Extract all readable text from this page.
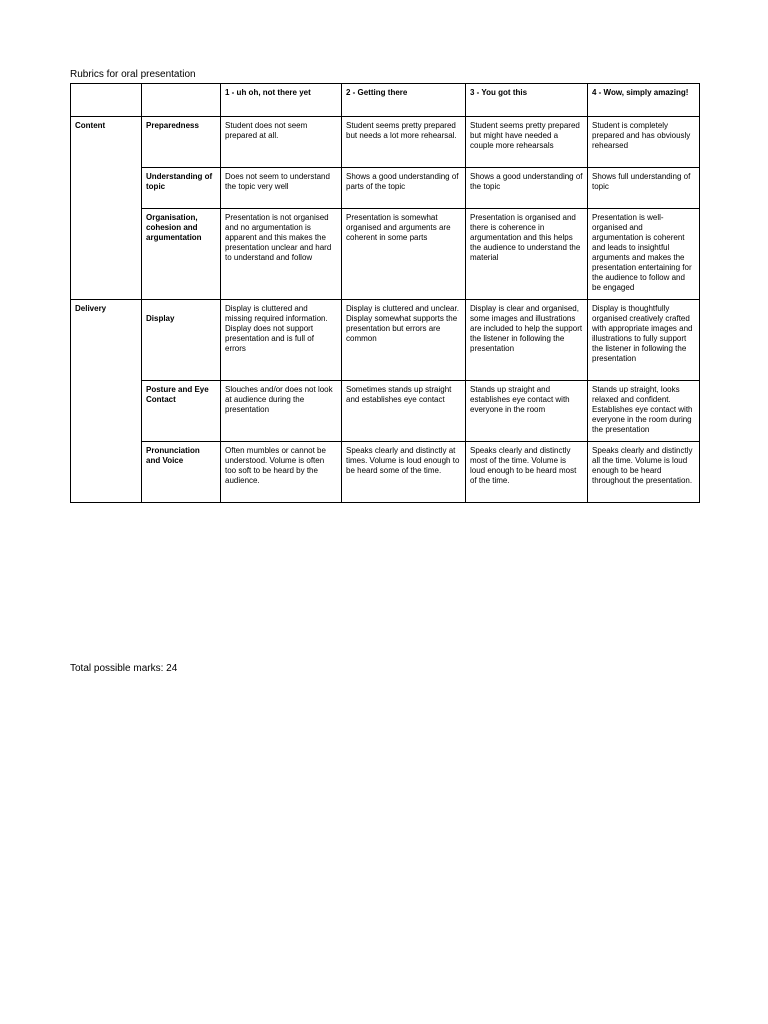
Rubrics for oral presentation
		1 - uh oh, not there yet	2 - Getting there	3 - You got this	4 - Wow, simply amazing!
Content	Preparedness	Student does not seem prepared at all.	Student seems pretty prepared but needs a lot more rehearsal.	Student seems pretty prepared but might have needed a couple more rehearsals	Student is completely prepared and has obviously rehearsed
	Understanding of topic	Does not seem to understand the topic very well	Shows a good understanding of parts of the topic	Shows a good understanding of the topic	Shows full understanding of topic
	Organisation, cohesion and argumentation	Presentation is not organised and no argumentation is apparent and this makes the presentation unclear and hard to understand and follow	Presentation is somewhat organised and arguments are coherent in some parts	Presentation is organised and there is coherence in argumentation and this helps the audience to understand the material	Presentation is well-organised and argumentation is coherent and leads to insightful arguments and makes the presentation entertaining for the audience to follow and be engaged
Delivery	Display	Display is cluttered and missing required information. Display does not support presentation and is full of errors	Display is cluttered and unclear. Display somewhat supports the presentation but errors are common	Display is clear and organised, some images and illustrations are included to help the support the listener in following the presentation	Display is thoughtfully organised creatively crafted with appropriate images and illustrations to fully support the listener in following the presentation
	Posture and Eye Contact	Slouches and/or does not look at audience during the presentation	Sometimes stands up straight and establishes eye contact	Stands up straight and establishes eye contact with everyone in the room	Stands up straight, looks relaxed and confident. Establishes eye contact with everyone in the room during the presentation
	Pronunciation and Voice	Often mumbles or cannot be understood. Volume is often too soft to be heard by the audience.	Speaks clearly and distinctly at times. Volume is loud enough to be heard some of the time.	Speaks clearly and distinctly most of the time. Volume is loud enough to be heard most of the time.	Speaks clearly and distinctly all the time. Volume is loud enough to be heard throughout the presentation.
Total possible marks: 24
